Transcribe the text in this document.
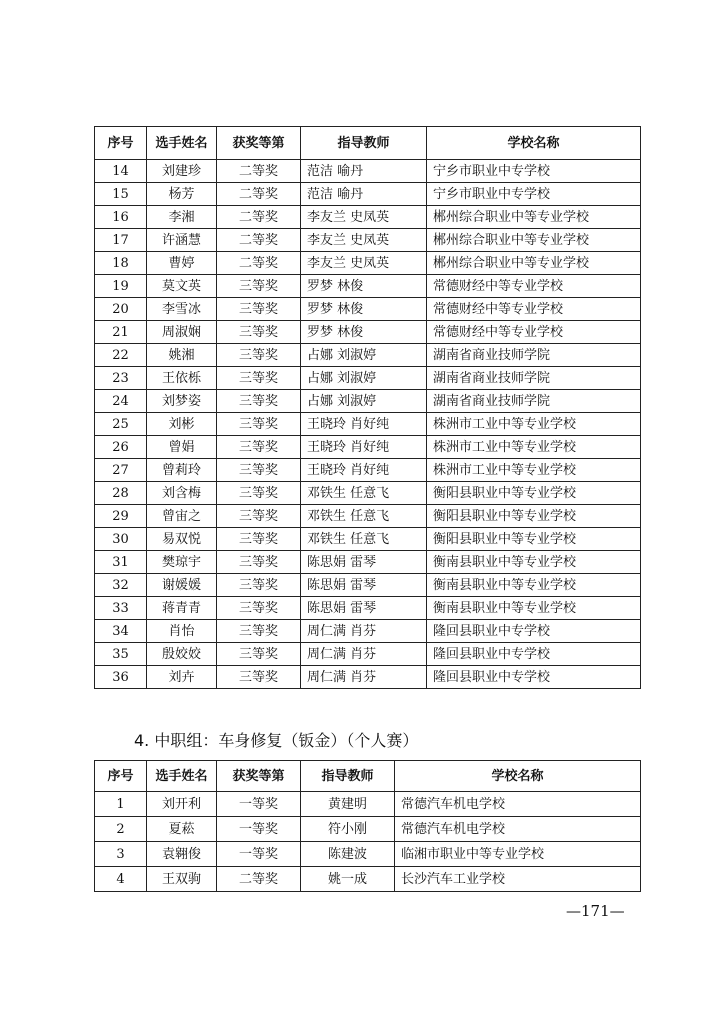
序号	选手姓名	获奖等第	指导教师	学校名称
14	刘建珍	二等奖	范洁 喻丹	宁乡市职业中专学校
15	杨芳	二等奖	范洁 喻丹	宁乡市职业中专学校
16	李湘	二等奖	李友兰 史凤英	郴州综合职业中等专业学校
17	许涵慧	二等奖	李友兰 史凤英	郴州综合职业中等专业学校
18	曹婷	二等奖	李友兰 史凤英	郴州综合职业中等专业学校
19	莫文英	三等奖	罗梦 林俊	常德财经中等专业学校
20	李雪冰	三等奖	罗梦 林俊	常德财经中等专业学校
21	周淑娴	三等奖	罗梦 林俊	常德财经中等专业学校
22	姚湘	三等奖	占娜 刘淑婷	湖南省商业技师学院
23	王依栎	三等奖	占娜 刘淑婷	湖南省商业技师学院
24	刘梦姿	三等奖	占娜 刘淑婷	湖南省商业技师学院
25	刘彬	三等奖	王晓玲 肖好纯	株洲市工业中等专业学校
26	曾娟	三等奖	王晓玲 肖好纯	株洲市工业中等专业学校
27	曾莉玲	三等奖	王晓玲 肖好纯	株洲市工业中等专业学校
28	刘含梅	三等奖	邓铁生 任意飞	衡阳县职业中等专业学校
29	曾宙之	三等奖	邓铁生 任意飞	衡阳县职业中等专业学校
30	易双悦	三等奖	邓铁生 任意飞	衡阳县职业中等专业学校
31	樊琼宇	三等奖	陈思娟 雷琴	衡南县职业中等专业学校
32	谢媛媛	三等奖	陈思娟 雷琴	衡南县职业中等专业学校
33	蒋青青	三等奖	陈思娟 雷琴	衡南县职业中等专业学校
34	肖怡	三等奖	周仁满 肖芬	隆回县职业中专学校
35	殷姣姣	三等奖	周仁满 肖芬	隆回县职业中专学校
36	刘卉	三等奖	周仁满 肖芬	隆回县职业中专学校
4. 中职组：车身修复（钣金）（个人赛）
序号	选手姓名	获奖等第	指导教师	学校名称
1	刘开利	一等奖	黄建明	常德汽车机电学校
2	夏菘	一等奖	符小刚	常德汽车机电学校
3	袁翱俊	一等奖	陈建波	临湘市职业中等专业学校
4	王双驹	二等奖	姚一成	长沙汽车工业学校
—171—
